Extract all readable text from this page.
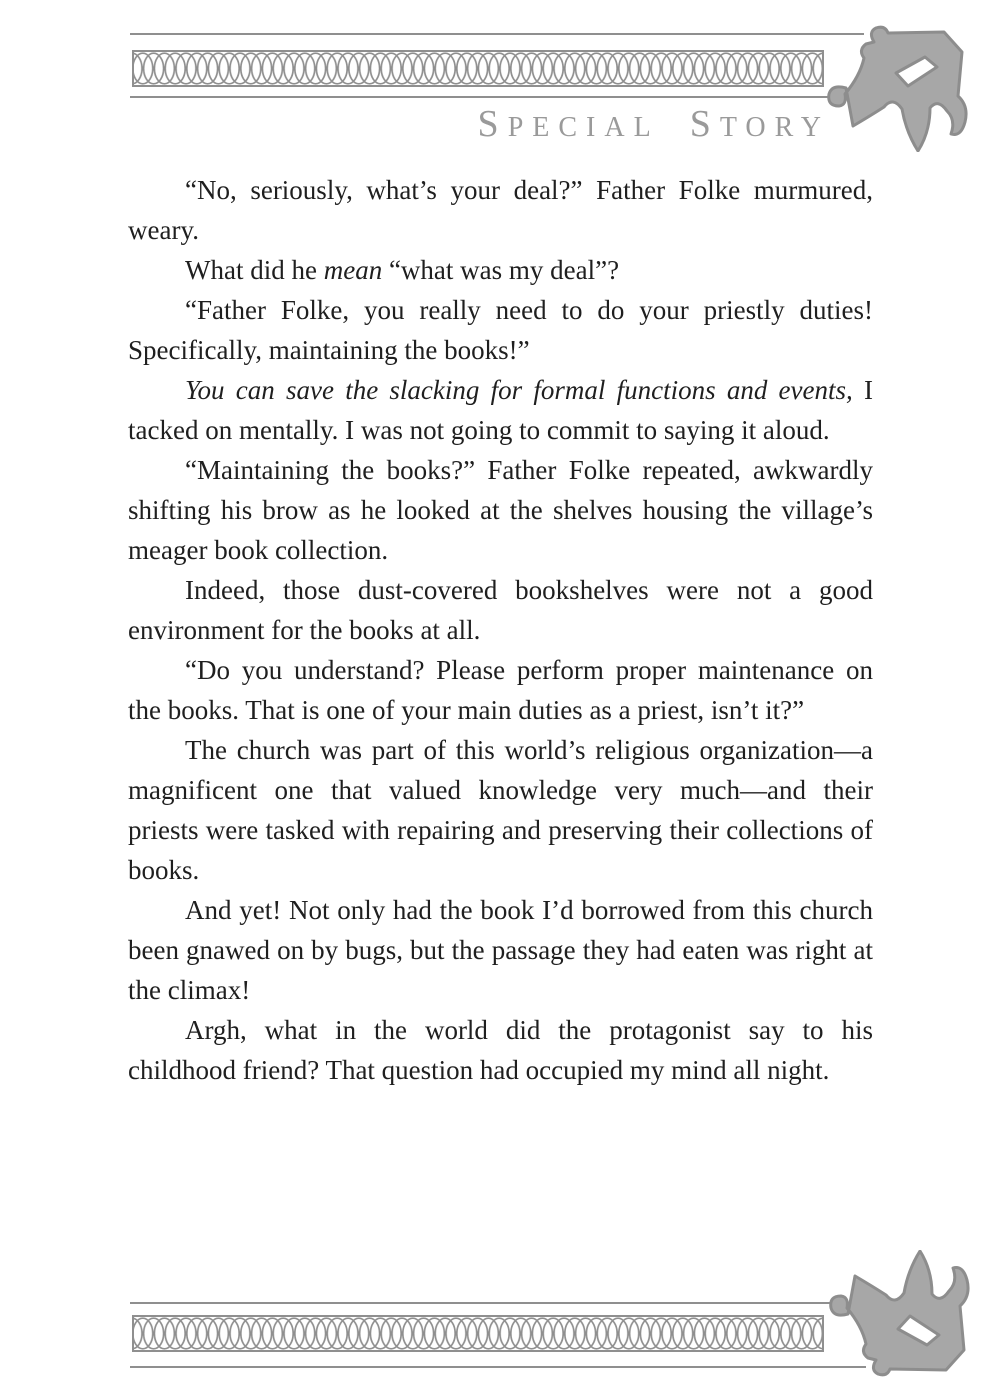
SPECIAL STORY

“No, seriously, what’s your deal?” Father Folke murmured, weary.

What did he mean “what was my deal”?

“Father Folke, you really need to do your priestly duties! Specifically, maintaining the books!”

You can save the slacking for formal functions and events, I tacked on mentally. I was not going to commit to saying it aloud.

“Maintaining the books?” Father Folke repeated, awkwardly shifting his brow as he looked at the shelves housing the village’s meager book collection.

Indeed, those dust-covered bookshelves were not a good environment for the books at all.

“Do you understand? Please perform proper maintenance on the books. That is one of your main duties as a priest, isn’t it?”

The church was part of this world’s religious organization—a magnificent one that valued knowledge very much—and their priests were tasked with repairing and preserving their collections of books.

And yet! Not only had the book I’d borrowed from this church been gnawed on by bugs, but the passage they had eaten was right at the climax!

Argh, what in the world did the protagonist say to his childhood friend? That question had occupied my mind all night.
